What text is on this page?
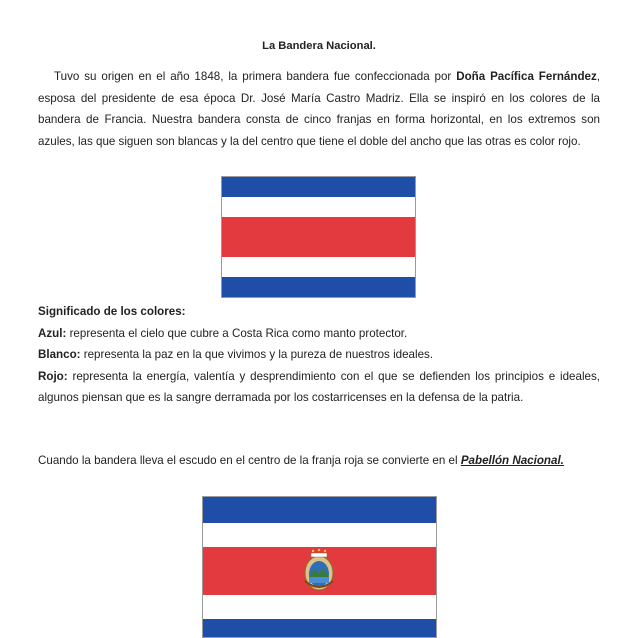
La Bandera Nacional.
Tuvo su origen en el año 1848, la primera bandera fue confeccionada por Doña Pacífica Fernández, esposa del presidente de esa época Dr. José María Castro Madriz. Ella se inspiró en los colores de la bandera de Francia. Nuestra bandera consta de cinco franjas en forma horizontal, en los extremos son azules, las que siguen son blancas y la del centro que tiene el doble del ancho que las otras es color rojo.
Significado de los colores:
Azul: representa el cielo que cubre a Costa Rica como manto protector.
Blanco: representa la paz en la que vivimos y la pureza de nuestros ideales.
Rojo: representa la energía, valentía y desprendimiento con el que se defienden los principios e ideales, algunos piensan que es la sangre derramada por los costarricenses en la defensa de la patria.
Cuando la bandera lleva el escudo en el centro de la franja roja se convierte en el Pabellón Nacional.
